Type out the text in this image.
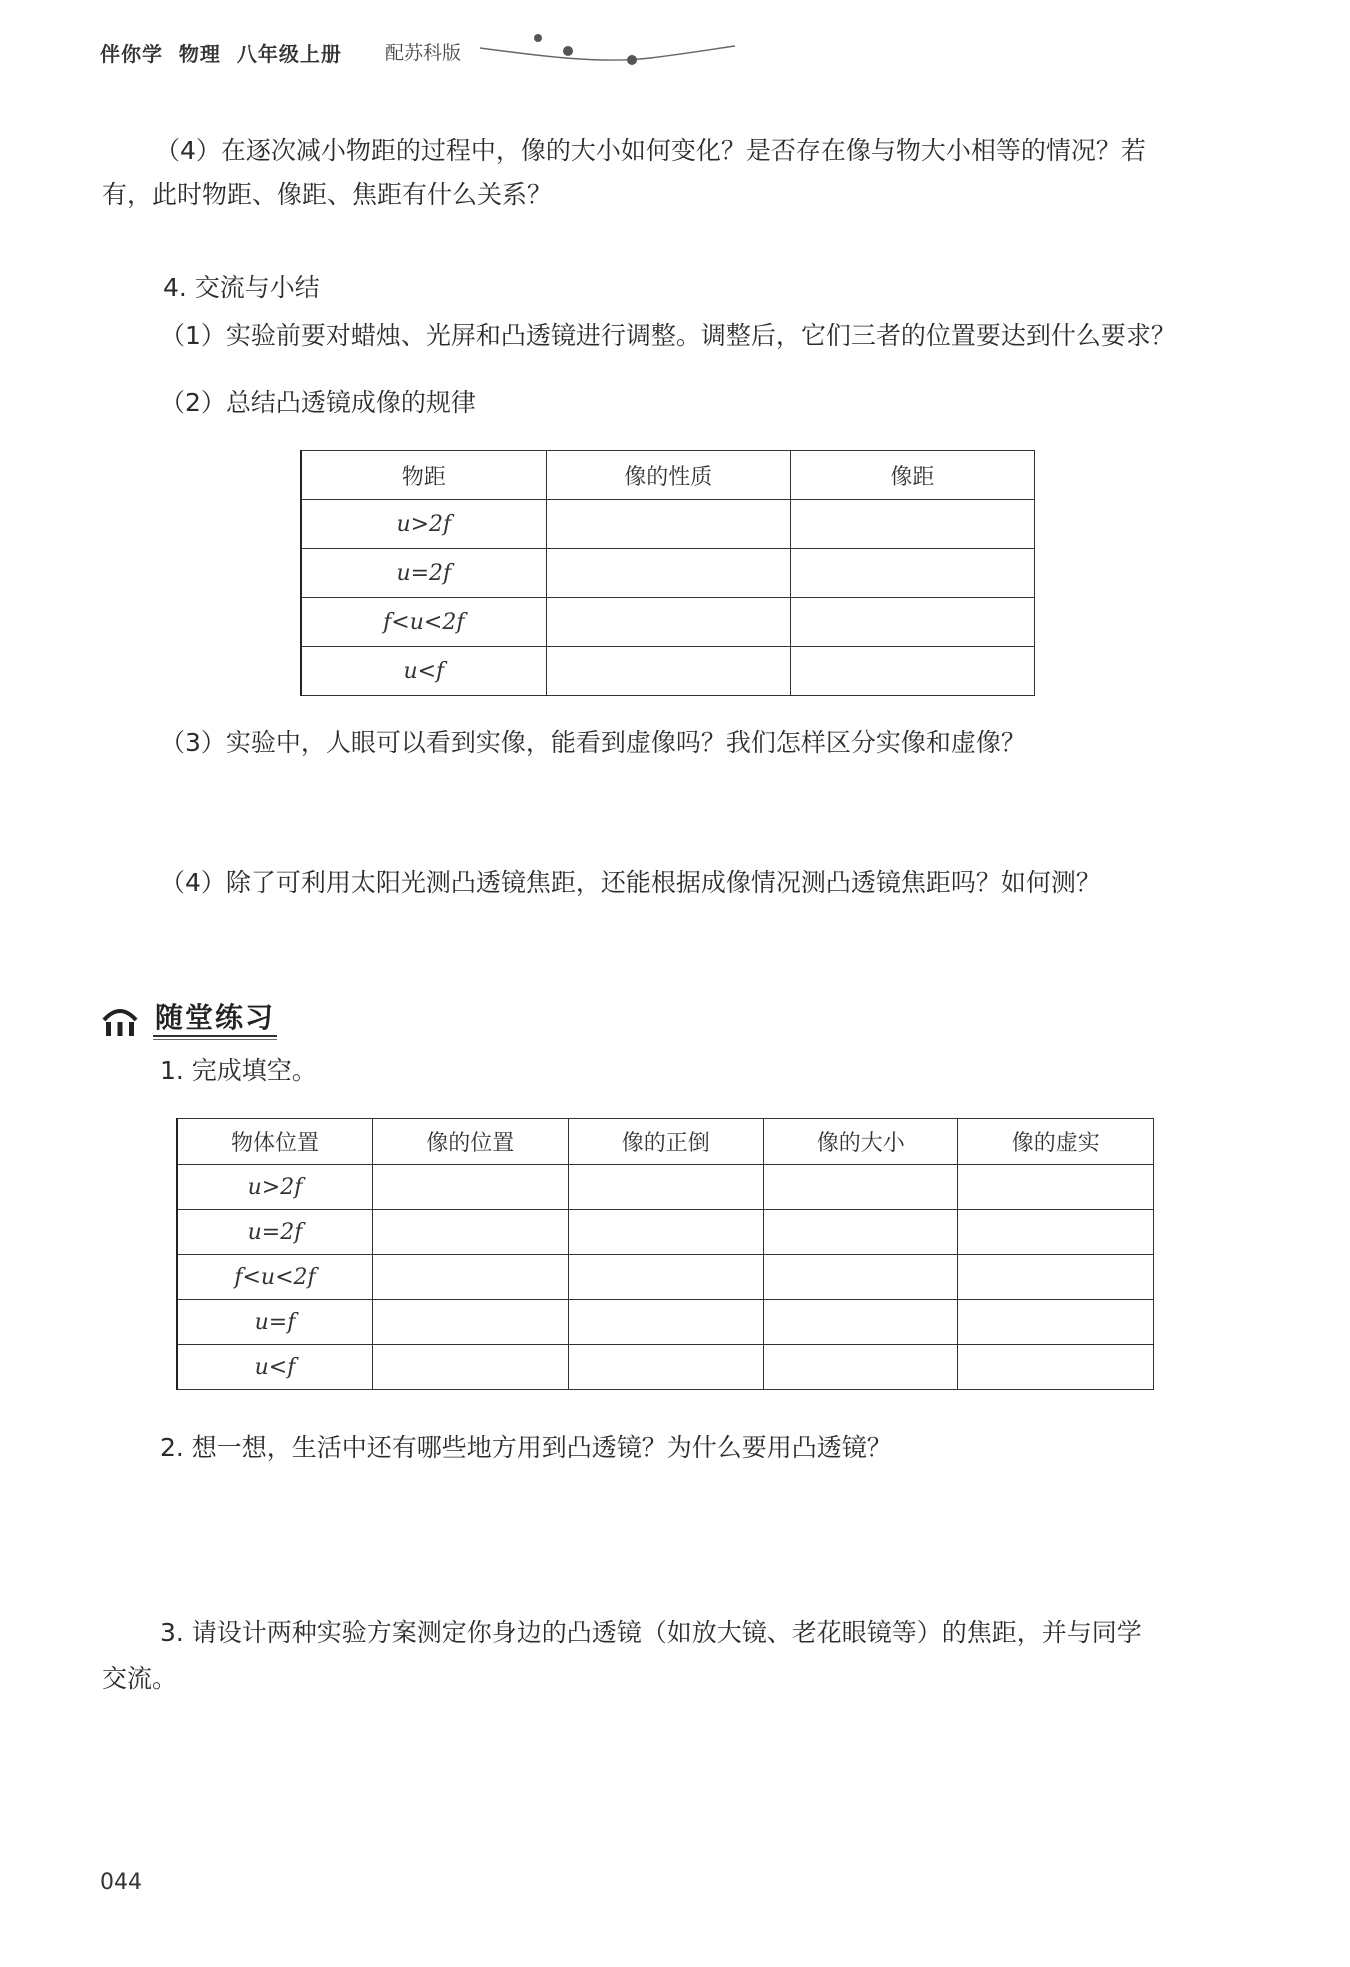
伴你学  物理  八年级上册 配苏科版
（4）在逐次减小物距的过程中，像的大小如何变化？是否存在像与物大小相等的情况？若
有，此时物距、像距、焦距有什么关系？
4. 交流与小结
（1）实验前要对蜡烛、光屏和凸透镜进行调整。调整后，它们三者的位置要达到什么要求？
（2）总结凸透镜成像的规律
物距	像的性质	像距
u>2f		
u=2f		
f<u<2f		
u<f		
（3）实验中，人眼可以看到实像，能看到虚像吗？我们怎样区分实像和虚像？
（4）除了可利用太阳光测凸透镜焦距，还能根据成像情况测凸透镜焦距吗？如何测？
随堂练习
1. 完成填空。
物体位置	像的位置	像的正倒	像的大小	像的虚实
u>2f				
u=2f				
f<u<2f				
u=f				
u<f				
2. 想一想，生活中还有哪些地方用到凸透镜？为什么要用凸透镜？
3. 请设计两种实验方案测定你身边的凸透镜（如放大镜、老花眼镜等）的焦距，并与同学
交流。
044
